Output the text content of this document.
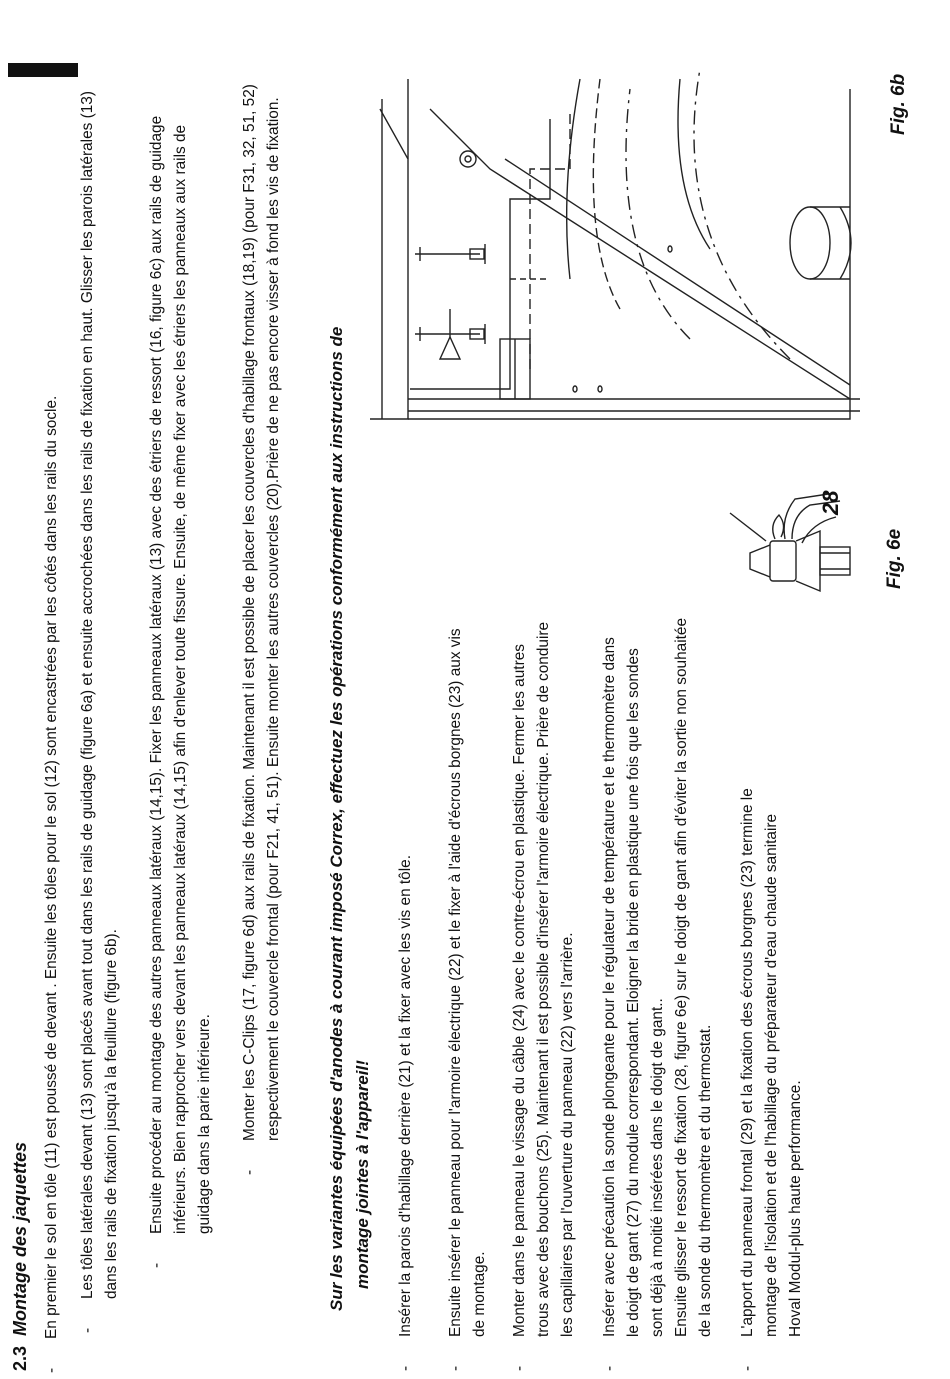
2.3Montage des jaquettes
-
En premier le sol en tôle (11) est poussé de devant . Ensuite les tôles pour le sol (12) sont encastrées par les côtés dans les rails du socle. -
Les tôles latérales devant (13) sont placés avant tout dans les rails de guidage (figure 6a) et ensuite accrochées dans les rails de fixation en haut. Glisser les parois latérales (13) dans les rails de fixation jusqu'à la feuillure (figure 6b). -
Ensuite procéder au montage des autres panneaux latéraux (14,15). Fixer les panneaux latéraux (13) avec des étriers de ressort (16, figure 6c) aux rails de guidage inférieurs. Bien rapprocher vers devant les panneaux latéraux (14,15) afin d'enlever toute fissure. Ensuite, de même fixer avec les étriers les panneaux aux rails de guidage dans la parie inférieure. -
Monter les C-Clips (17, figure 6d) aux rails de fixation. Maintenant il est possible de placer les couvercles d'habillage frontaux (18,19) (pour F31, 32, 51, 52) respectivement le couvercle frontal (pour F21, 41, 51). Ensuite monter les autres couvercles (20).Prière de ne pas encore visser à fond les vis de fixation.	Sur les variantes équipées d'anodes à courant imposé Correx, effectuez les opérations conformément aux instructions de montage jointes à l'appareil!
-
Insérer la parois d'habillage derrière (21) et la fixer avec les vis en tôle.
-
Ensuite insérer le panneau pour l'armoire électrique (22) et le fixer à l'aide d'écrous borgnes (23) aux vis de montage.
-
Monter dans le panneau le vissage du câble (24) avec le contre-écrou en plastique. Fermer les autres trous avec des bouchons (25). Maintenant il est possible d'insérer l'armoire électrique. Prière de conduire les capillaires par l'ouverture du panneau (22) vers l'arrière.
-
Insérer avec précaution la sonde plongeante pour le régulateur de température et le thermomètre dans le doigt de gant (27) du module correspondant. Eloigner la bride en plastique une fois que les sondes sont déjà à moitié insérées dans le doigt de gant.. Ensuite glisser le ressort de fixation (28, figure 6e) sur le doigt de gant afin d'éviter la sortie non souhaitée de la sonde du thermomètre et du thermostat.
-
L'apport du panneau frontal (29) et la fixation des écrous borgnes (23) termine le montage de l'isolation et de l'habillage du préparateur d'eau chaude sanitaire Hoval Modul-plus haute performance.
28
Fig. 6e
Fig. 6b
